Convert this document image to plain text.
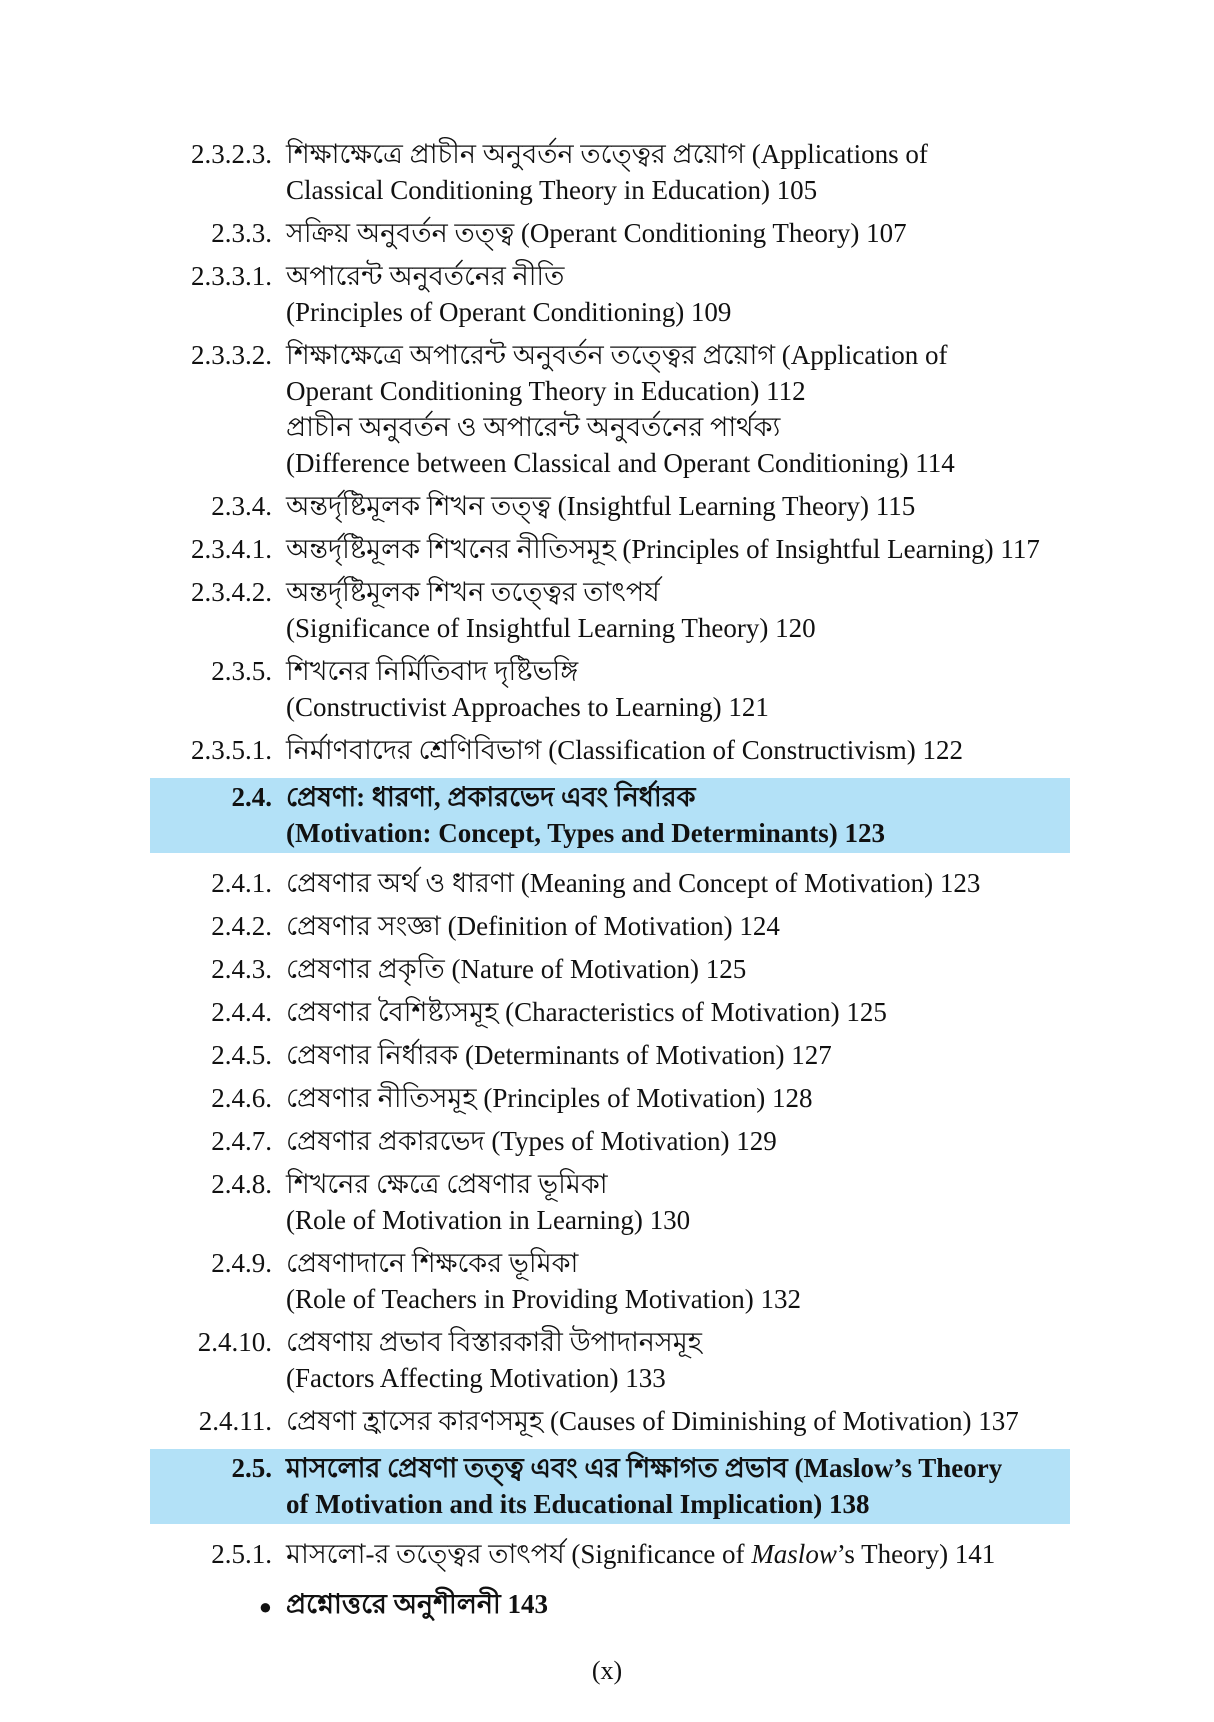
2.3.2.3. শিক্ষাক্ষেত্রে প্রাচীন অনুবর্তন তত্ত্বের প্রয়োগ (Applications of
Classical Conditioning Theory in Education) 105
2.3.3. সক্রিয় অনুবর্তন তত্ত্ব (Operant Conditioning Theory) 107
2.3.3.1. অপারেন্ট অনুবর্তনের নীতি
(Principles of Operant Conditioning) 109
2.3.3.2. শিক্ষাক্ষেত্রে অপারেন্ট অনুবর্তন তত্ত্বের প্রয়োগ (Application of
Operant Conditioning Theory in Education) 112
প্রাচীন অনুবর্তন ও অপারেন্ট অনুবর্তনের পার্থক্য
(Difference between Classical and Operant Conditioning) 114
2.3.4. অন্তর্দৃষ্টিমূলক শিখন তত্ত্ব (Insightful Learning Theory) 115
2.3.4.1. অন্তর্দৃষ্টিমূলক শিখনের নীতিসমূহ (Principles of Insightful Learning) 117
2.3.4.2. অন্তর্দৃষ্টিমূলক শিখন তত্ত্বের তাৎপর্য
(Significance of Insightful Learning Theory) 120
2.3.5. শিখনের নির্মিতিবাদ দৃষ্টিভঙ্গি
(Constructivist Approaches to Learning) 121
2.3.5.1. নির্মাণবাদের শ্রেণিবিভাগ (Classification of Constructivism) 122
2.4. প্রেষণা: ধারণা, প্রকারভেদ এবং নির্ধারক
(Motivation: Concept, Types and Determinants) 123
2.4.1. প্রেষণার অর্থ ও ধারণা (Meaning and Concept of Motivation) 123
2.4.2. প্রেষণার সংজ্ঞা (Definition of Motivation) 124
2.4.3. প্রেষণার প্রকৃতি (Nature of Motivation) 125
2.4.4. প্রেষণার বৈশিষ্ট্যসমূহ (Characteristics of Motivation) 125
2.4.5. প্রেষণার নির্ধারক (Determinants of Motivation) 127
2.4.6. প্রেষণার নীতিসমূহ (Principles of Motivation) 128
2.4.7. প্রেষণার প্রকারভেদ (Types of Motivation) 129
2.4.8. শিখনের ক্ষেত্রে প্রেষণার ভূমিকা
(Role of Motivation in Learning) 130
2.4.9. প্রেষণাদানে শিক্ষকের ভূমিকা
(Role of Teachers in Providing Motivation) 132
2.4.10. প্রেষণায় প্রভাব বিস্তারকারী উপাদানসমূহ
(Factors Affecting Motivation) 133
2.4.11. প্রেষণা হ্রাসের কারণসমূহ (Causes of Diminishing of Motivation) 137
2.5. মাসলোর প্রেষণা তত্ত্ব এবং এর শিক্ষাগত প্রভাব (Maslow’s Theory
of Motivation and its Educational Implication) 138
2.5.1. মাসলো-র তত্ত্বের তাৎপর্য (Significance of Maslow’s Theory) 141
● প্রশ্নোত্তরে অনুশীলনী 143
(x)
